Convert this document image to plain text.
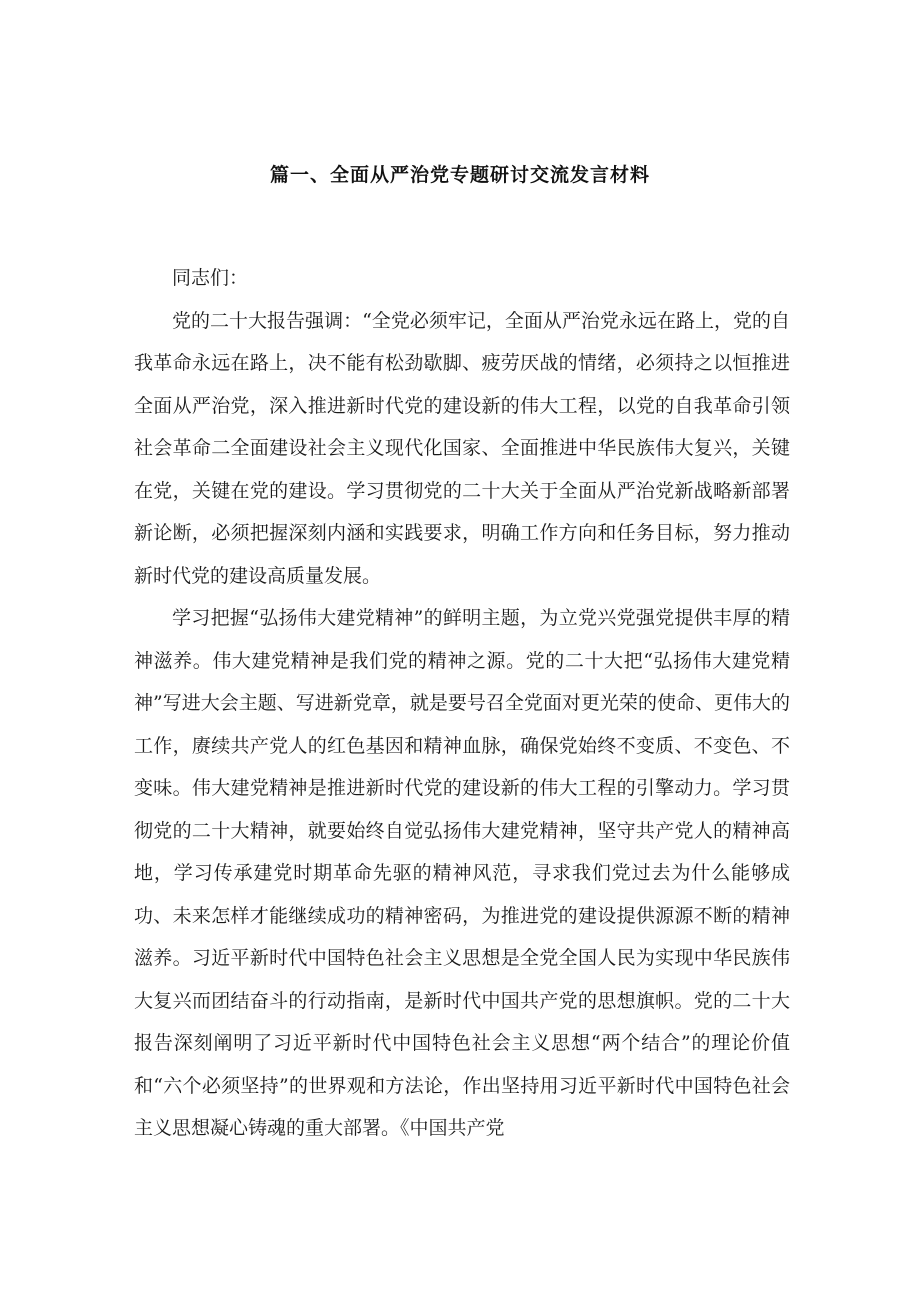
篇一、全面从严治党专题研讨交流发言材料

同志们：

党的二十大报告强调：“全党必须牢记，全面从严治党永远在路上，党的自我革命永远在路上，决不能有松劲歇脚、疲劳厌战的情绪，必须持之以恒推进全面从严治党，深入推进新时代党的建设新的伟大工程，以党的自我革命引领社会革命二全面建设社会主义现代化国家、全面推进中华民族伟大复兴，关键在党，关键在党的建设。学习贯彻党的二十大关于全面从严治党新战略新部署新论断，必须把握深刻内涵和实践要求，明确工作方向和任务目标，努力推动新时代党的建设高质量发展。

学习把握“弘扬伟大建党精神”的鲜明主题，为立党兴党强党提供丰厚的精神滋养。伟大建党精神是我们党的精神之源。党的二十大把“弘扬伟大建党精神”写进大会主题、写进新党章，就是要号召全党面对更光荣的使命、更伟大的工作，赓续共产党人的红色基因和精神血脉，确保党始终不变质、不变色、不变味。伟大建党精神是推进新时代党的建设新的伟大工程的引擎动力。学习贯彻党的二十大精神，就要始终自觉弘扬伟大建党精神，坚守共产党人的精神高地，学习传承建党时期革命先驱的精神风范，寻求我们党过去为什么能够成功、未来怎样才能继续成功的精神密码，为推进党的建设提供源源不断的精神滋养。习近平新时代中国特色社会主义思想是全党全国人民为实现中华民族伟大复兴而团结奋斗的行动指南，是新时代中国共产党的思想旗帜。党的二十大报告深刻阐明了习近平新时代中国特色社会主义思想“两个结合”的理论价值和“六个必须坚持”的世界观和方法论，作出坚持用习近平新时代中国特色社会主义思想凝心铸魂的重大部署。《中国共产党
